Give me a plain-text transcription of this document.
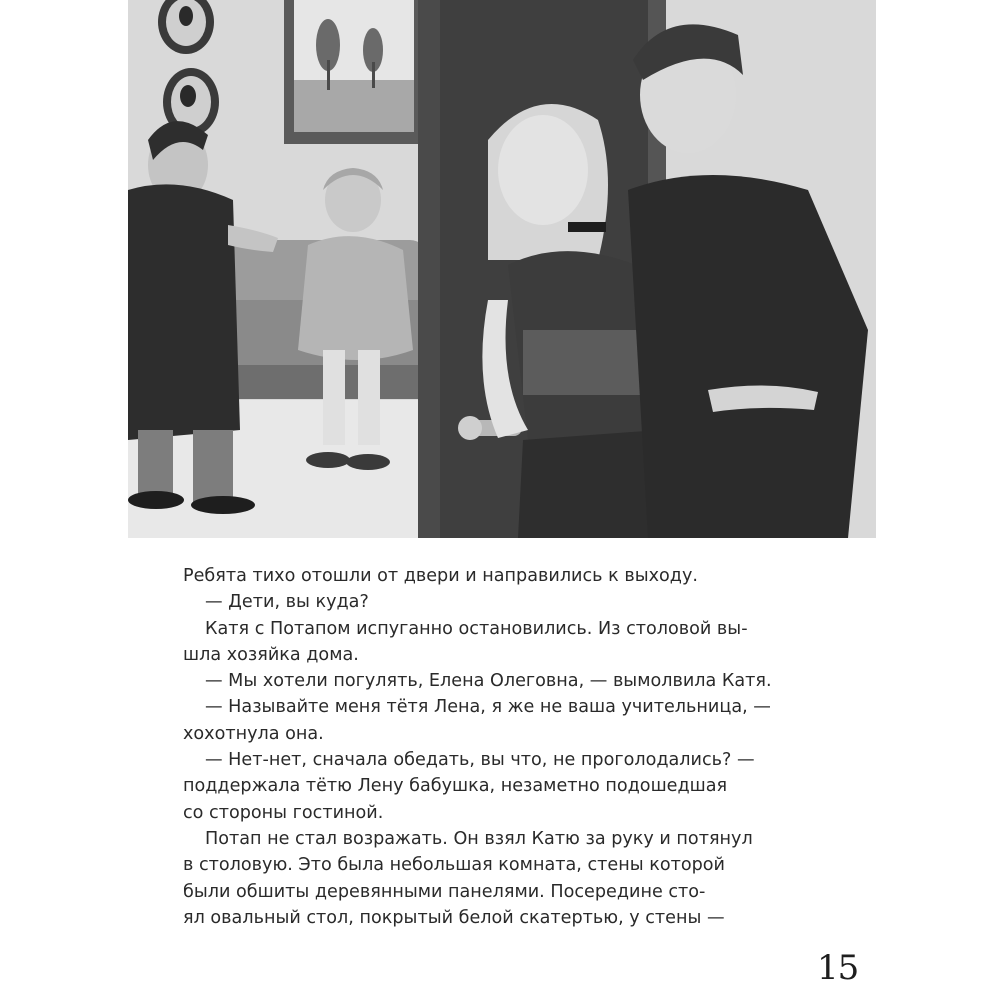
Ребята тихо отошли от двери и направились к выходу.

— Дети, вы куда?

Катя с Потапом испуганно остановились. Из столовой вы-
шла хозяйка дома.

— Мы хотели погулять, Елена Олеговна, — вымолвила Катя.

— Называйте меня тётя Лена, я же не ваша учительница, —
хохотнула она.

— Нет-нет, сначала обедать, вы что, не проголодались? —
поддержала тётю Лену бабушка, незаметно подошедшая
со стороны гостиной.

Потап не стал возражать. Он взял Катю за руку и потянул
в столовую. Это была небольшая комната, стены которой
были обшиты деревянными панелями. Посередине сто-
ял овальный стол, покрытый белой скатертью, у стены —

15
